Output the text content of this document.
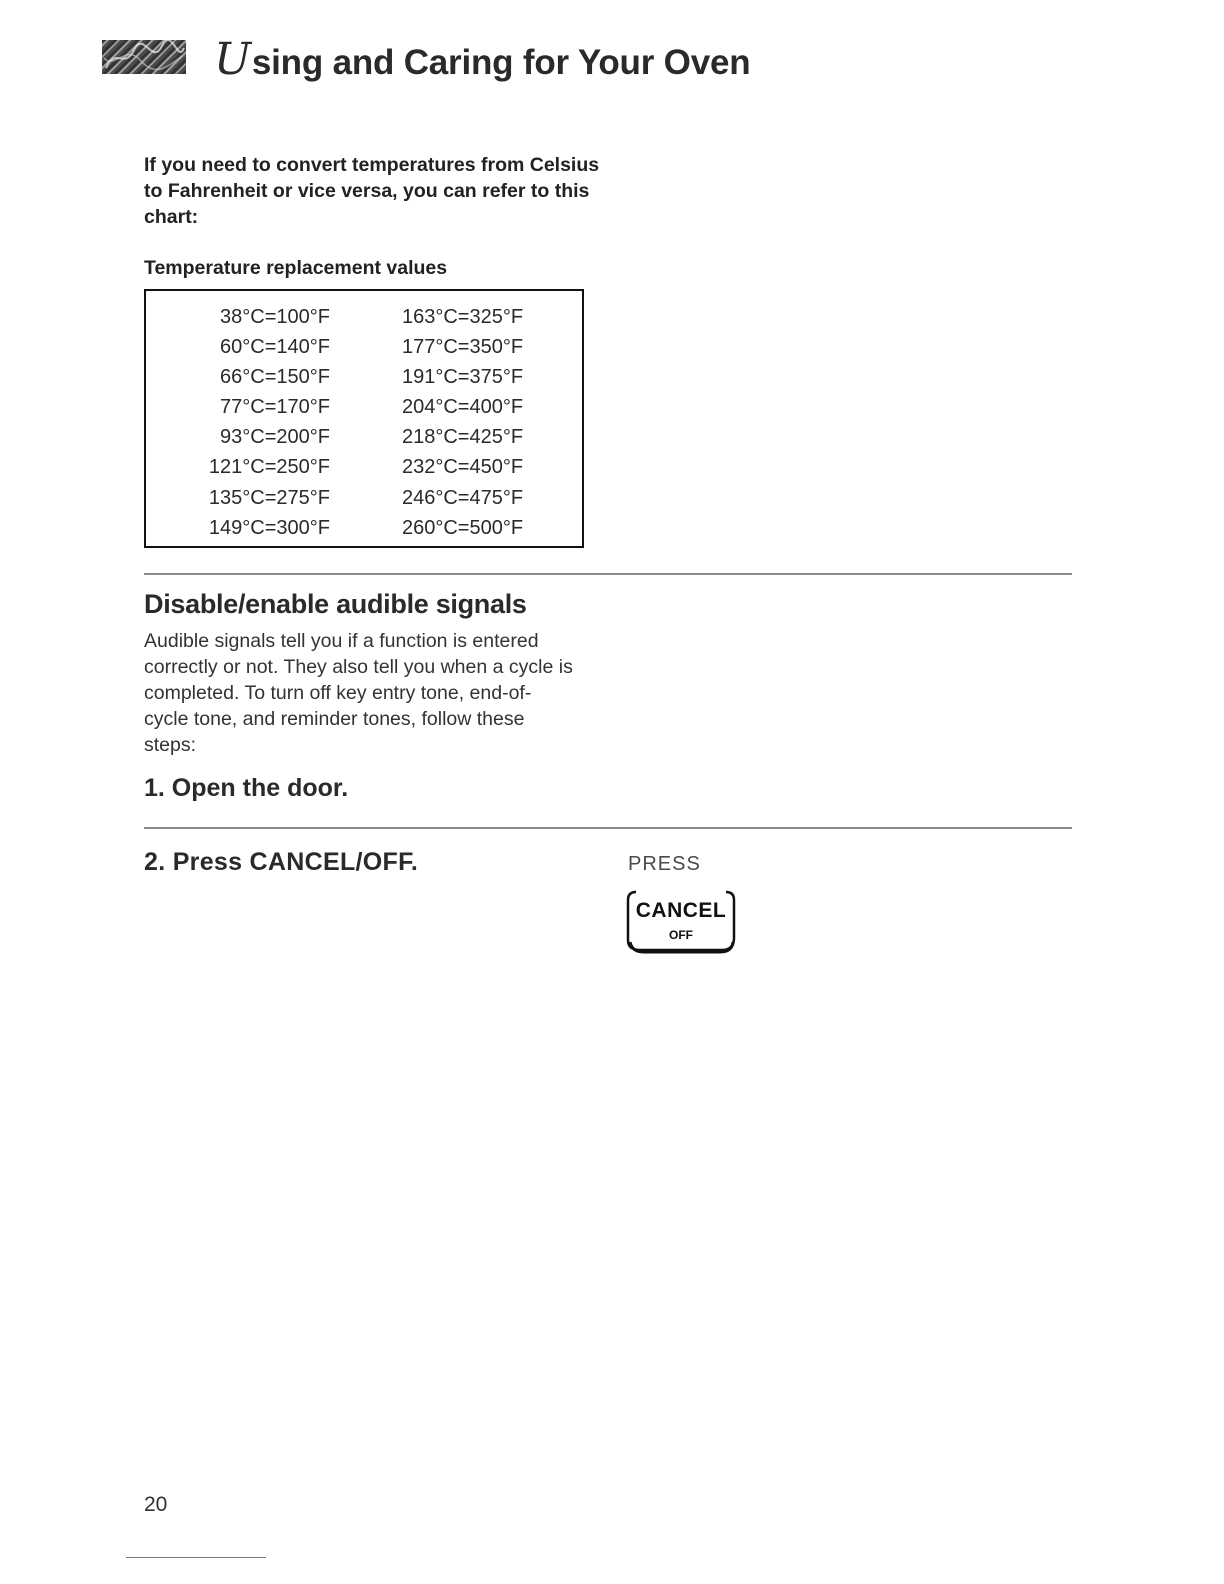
Using and Caring for Your Oven
If you need to convert temperatures from Celsius to Fahrenheit or vice versa, you can refer to this chart:
Temperature replacement values
38°C=100°F
60°C=140°F
66°C=150°F
77°C=170°F
93°C=200°F
121°C=250°F
135°C=275°F
149°C=300°F
163°C=325°F
177°C=350°F
191°C=375°F
204°C=400°F
218°C=425°F
232°C=450°F
246°C=475°F
260°C=500°F
Disable/enable audible signals
Audible signals tell you if a function is entered correctly or not. They also tell you when a cycle is completed. To turn off key entry tone, end-of-cycle tone, and reminder tones, follow these steps:
1. Open the door.
2. Press CANCEL/OFF.	PRESS
CANCEL
OFF
20
